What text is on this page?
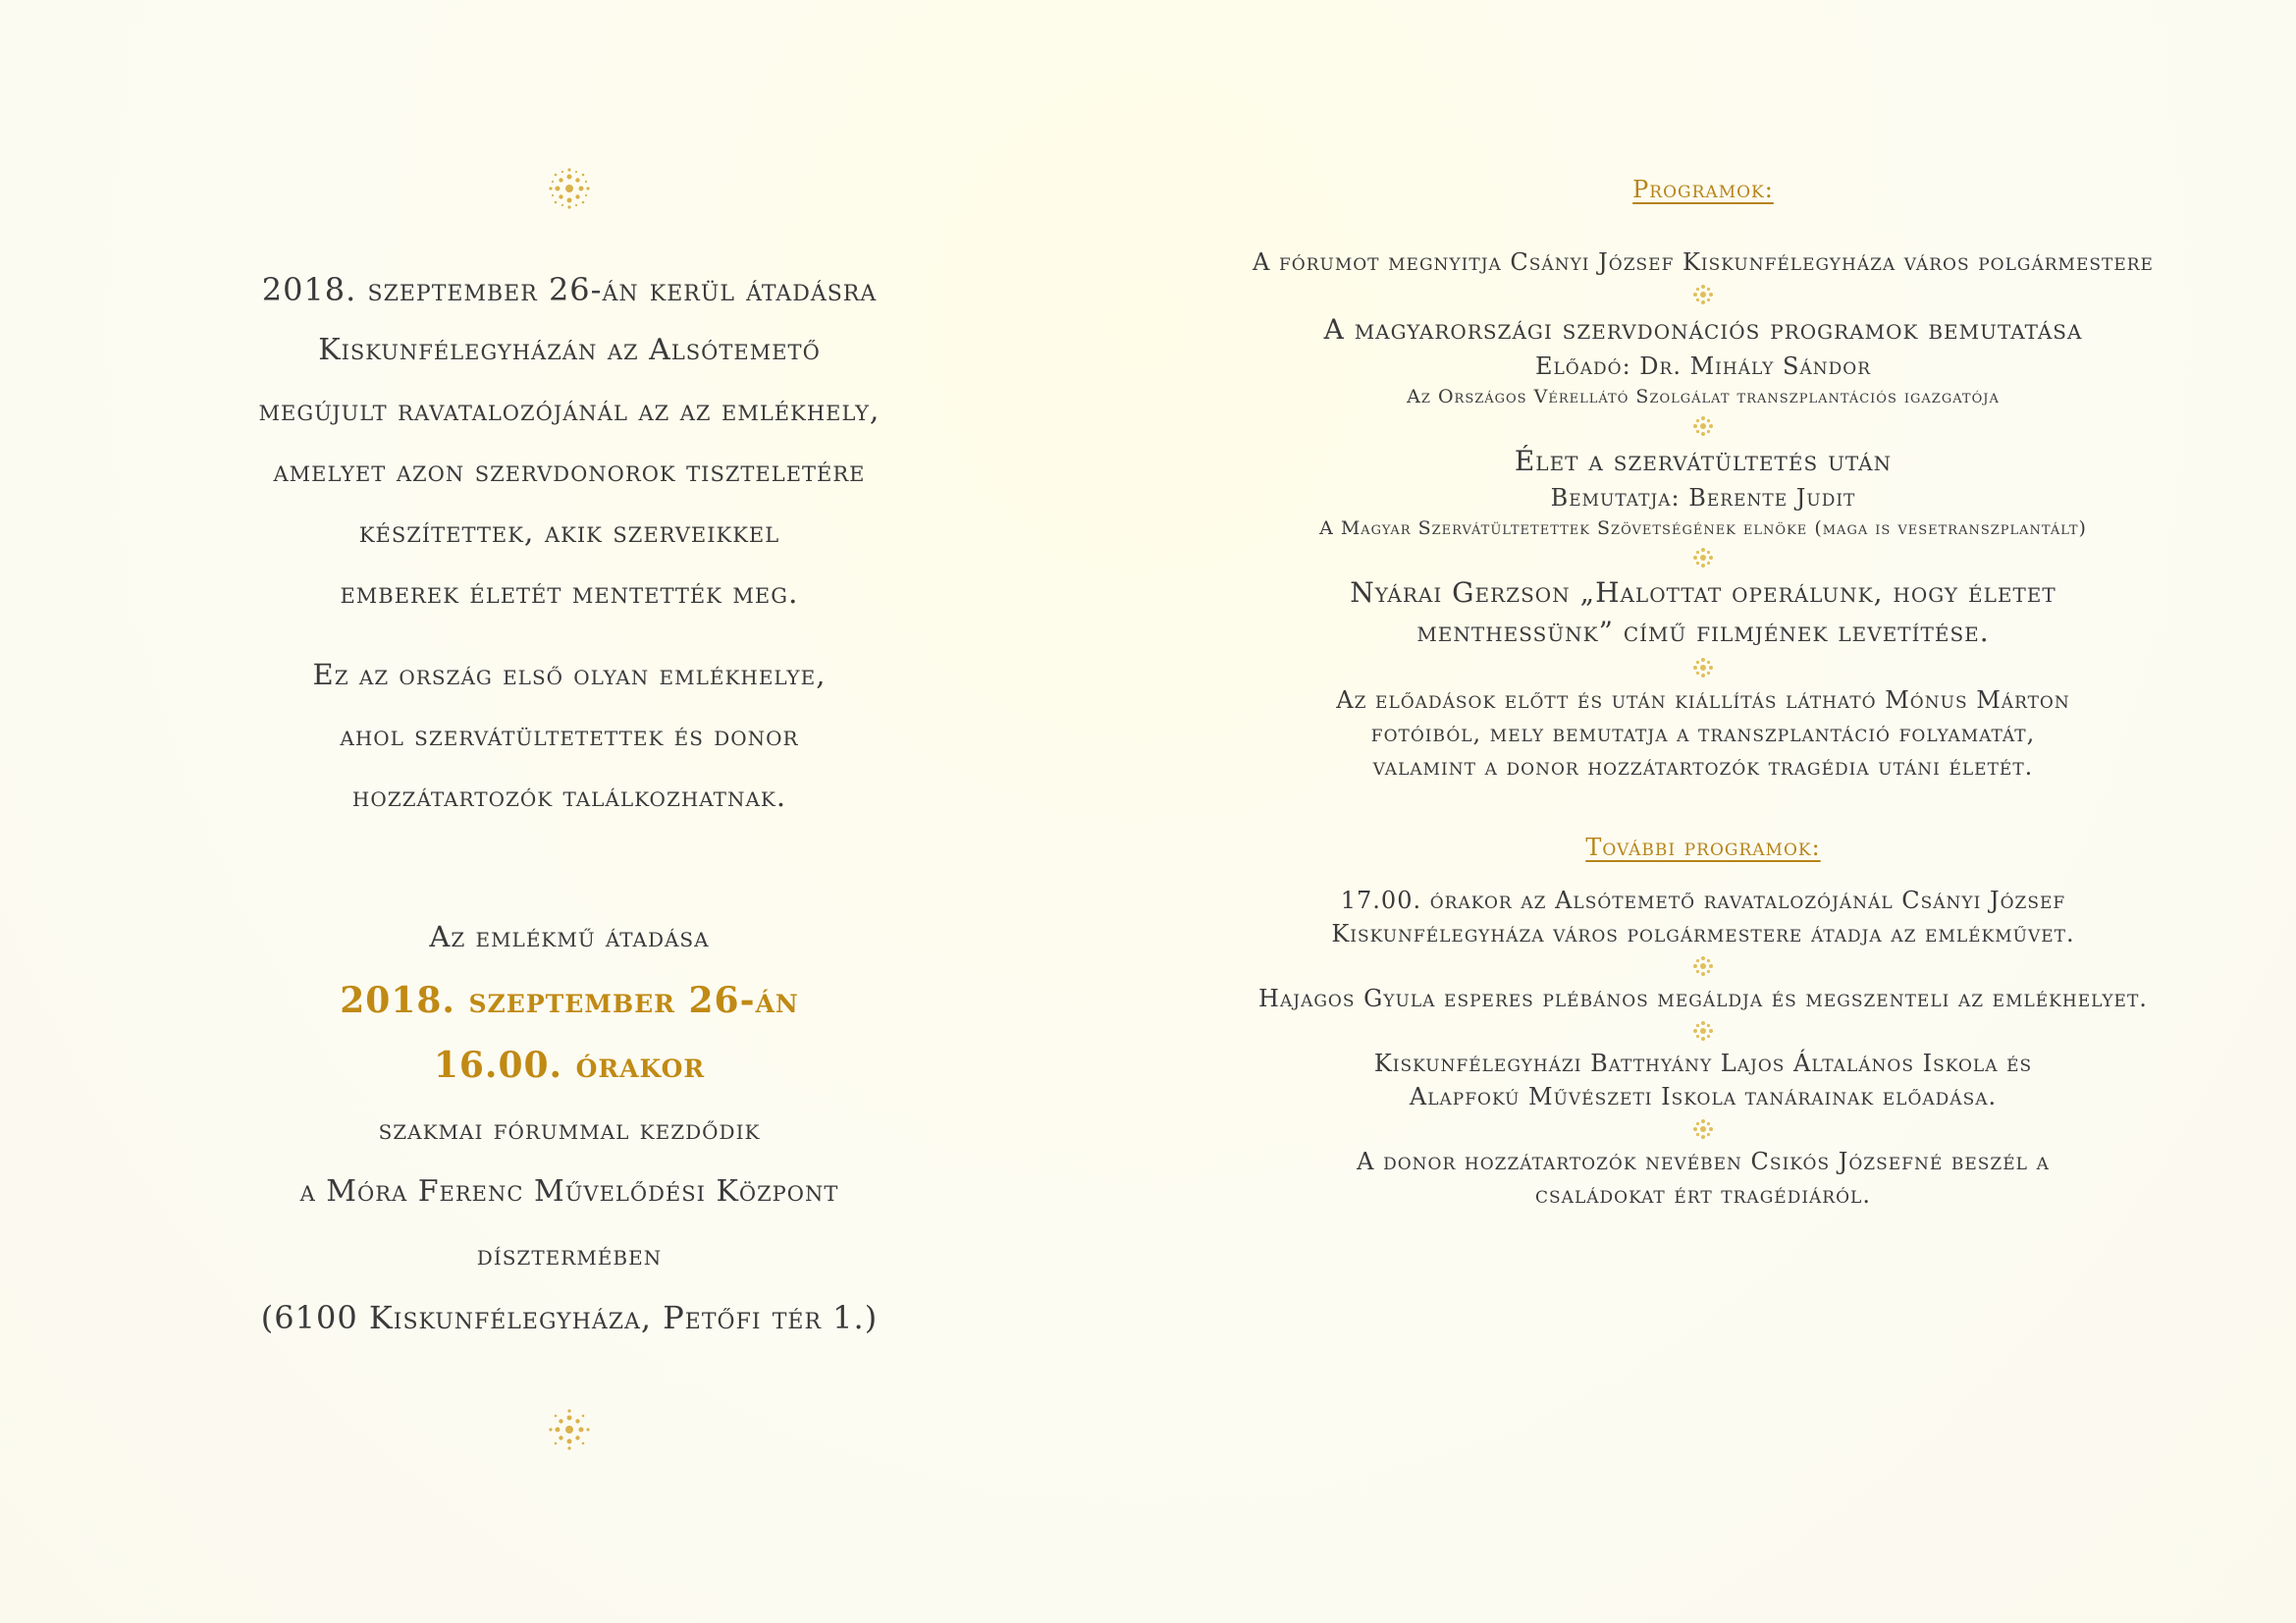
2018. szeptember 26-án kerül átadásra
Kiskunfélegyházán az Alsótemető
megújult ravatalozójánál az az emlékhely,
amelyet azon szervdonorok tiszteletére
készítettek, akik szerveikkel
emberek életét mentették meg.
Ez az ország első olyan emlékhelye,
ahol szervátültetettek és donor
hozzátartozók találkozhatnak.
Az emlékmű átadása
2018. szeptember 26-án
16.00. órakor
szakmai fórummal kezdődik
a Móra Ferenc Művelődési Központ
dísztermében
(6100 Kiskunfélegyháza, Petőfi tér 1.)
Programok:
A fórumot megnyitja Csányi József Kiskunfélegyháza város polgármestere
A magyarországi szervdonációs programok bemutatása
Előadó: Dr. Mihály Sándor
Az Országos Vérellátó Szolgálat transzplantációs igazgatója
Élet a szervátültetés után
Bemutatja: Berente Judit
A Magyar Szervátültetettek Szövetségének elnöke (maga is vesetranszplantált)
Nyárai Gerzson „Halottat operálunk, hogy életet
menthessünk” című filmjének levetítése.
Az előadások előtt és után kiállítás látható Mónus Márton
fotóiból, mely bemutatja a transzplantáció folyamatát,
valamint a donor hozzátartozók tragédia utáni életét.
További programok:
17.00. órakor az Alsótemető ravatalozójánál Csányi József
Kiskunfélegyháza város polgármestere átadja az emlékművet.
Hajagos Gyula esperes plébános megáldja és megszenteli az emlékhelyet.
Kiskunfélegyházi Batthyány Lajos Általános Iskola és
Alapfokú Művészeti Iskola tanárainak előadása.
A donor hozzátartozók nevében Csikós Józsefné beszél a
családokat ért tragédiáról.
